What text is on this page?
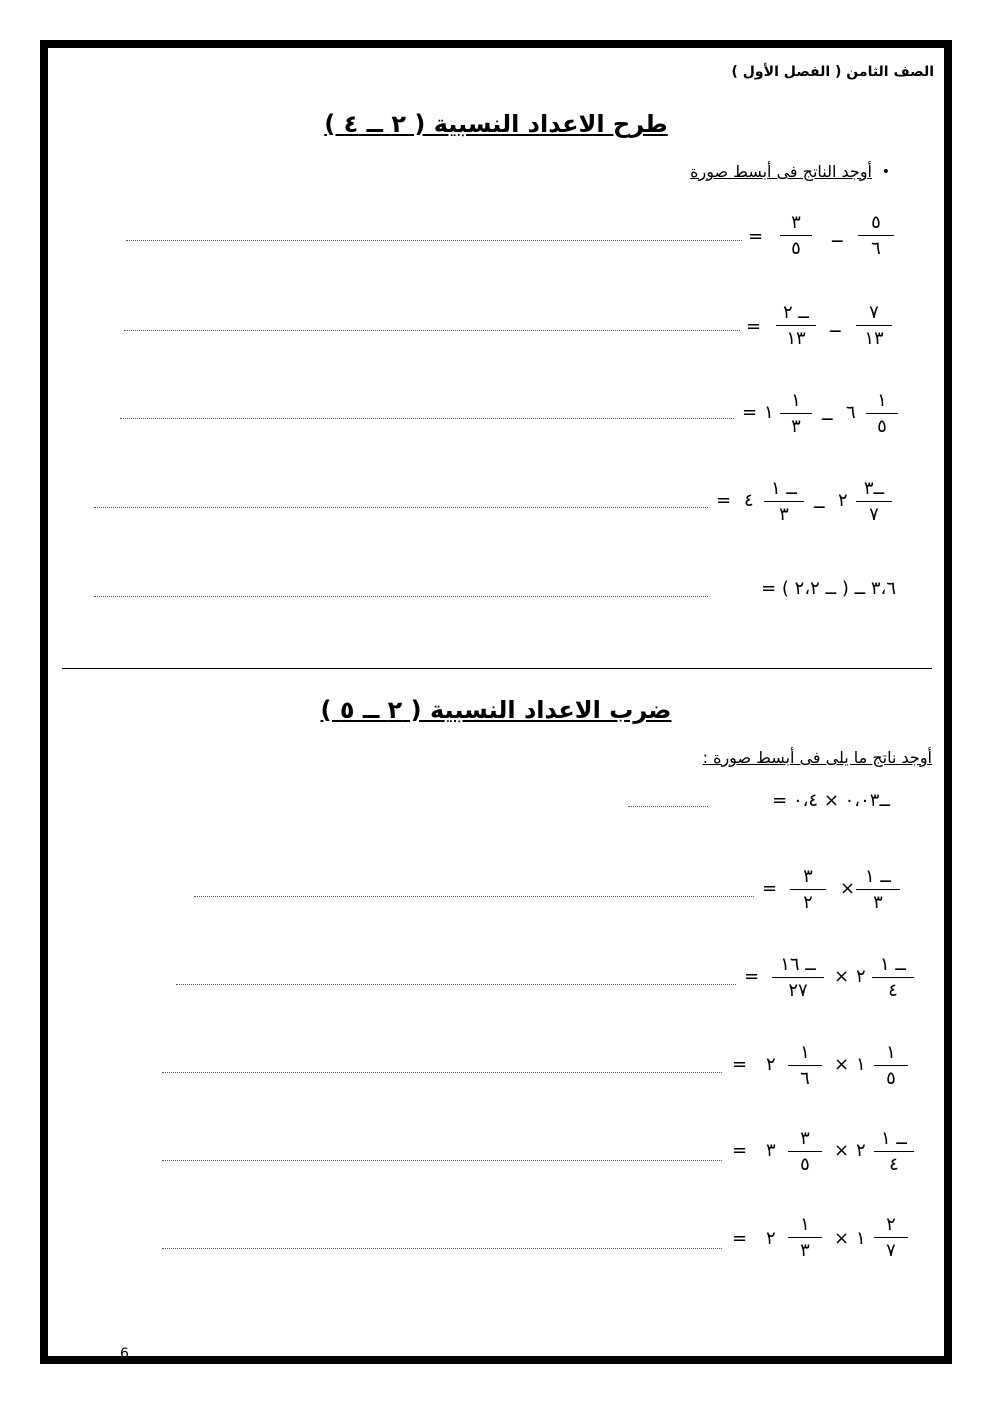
الصف الثامن ( الفصل الأول )
طرح الاعداد النسبية ( ٢ ــ ٤ )
أوجد الناتج فى أبسط صورة •
٥
٦
ــ
٣
٥
=
٧
١٣
ــ
ــ ٢
١٣
=
١
٥
٦
ــ
١
٣
١
=
ــ٣
٧
٢
ــ
ــ ١
٣
٤
=
٣،٦ ــ ( ــ ٢،٢ ) =
ضرب الاعداد النسبية ( ٢ ــ ٥ )
أوجد ناتج ما يلى فى أبسط صورة :
ــ٠،٠٣ × ٠،٤ =
ــ ١
٣
×
٣
٢
=
ــ ١
٤
٢
×
ــ ١٦
٢٧
=
١
٥
١
×
١
٦
٢
=
ــ ١
٤
٢
×
٣
٥
٣
=
٢
٧
١
×
١
٣
٢
=
6
